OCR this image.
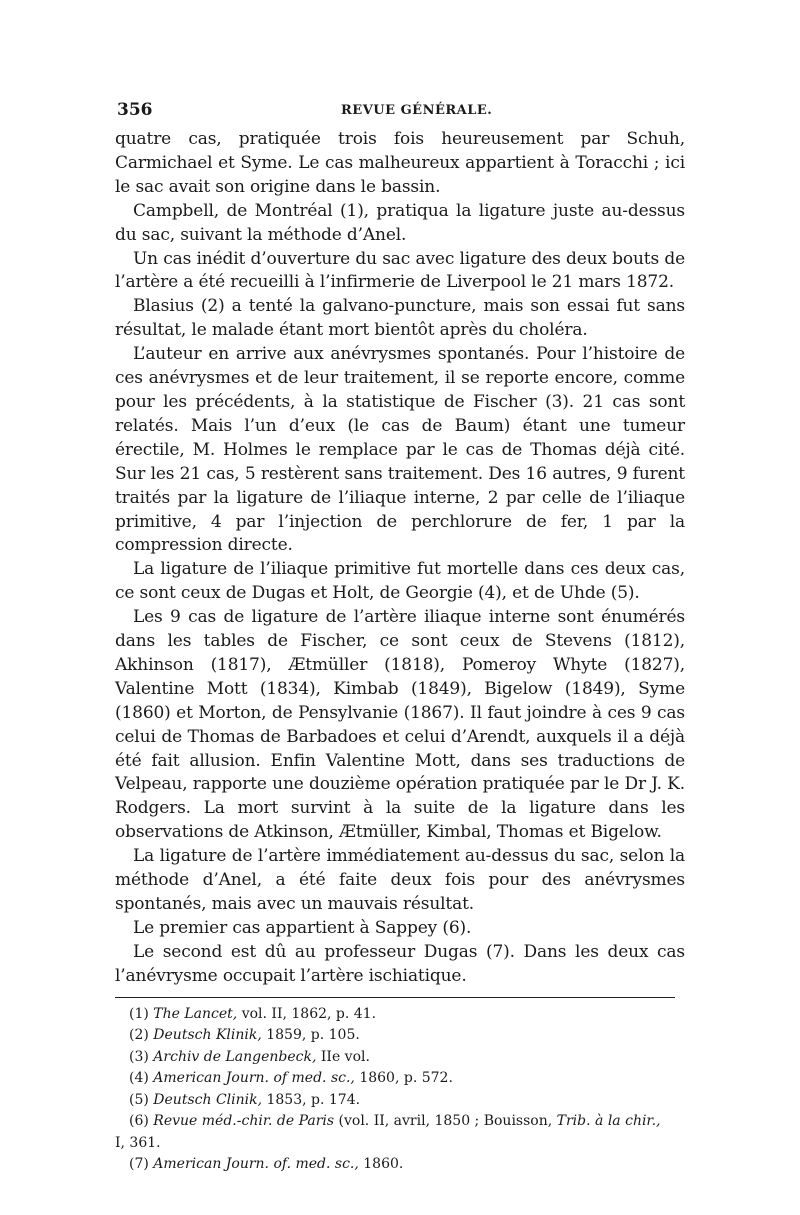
356	REVUE GÉNÉRALE.

quatre cas, pratiquée trois fois heureusement par Schuh, Carmichael et Syme. Le cas malheureux appartient à Toracchi ; ici le sac avait son origine dans le bassin.

Campbell, de Montréal (1), pratiqua la ligature juste au-dessus du sac, suivant la méthode d’Anel.

Un cas inédit d’ouverture du sac avec ligature des deux bouts de l’artère a été recueilli à l’infirmerie de Liverpool le 21 mars 1872.

Blasius (2) a tenté la galvano-puncture, mais son essai fut sans résultat, le malade étant mort bientôt après du choléra.

L’auteur en arrive aux anévrysmes spontanés. Pour l’histoire de ces anévrysmes et de leur traitement, il se reporte encore, comme pour les précédents, à la statistique de Fischer (3). 21 cas sont relatés. Mais l’un d’eux (le cas de Baum) étant une tumeur érectile, M. Holmes le remplace par le cas de Thomas déjà cité. Sur les 21 cas, 5 restèrent sans traitement. Des 16 autres, 9 furent traités par la ligature de l’iliaque interne, 2 par celle de l’iliaque primitive, 4 par l’injection de perchlorure de fer, 1 par la compression directe.

La ligature de l’iliaque primitive fut mortelle dans ces deux cas, ce sont ceux de Dugas et Holt, de Georgie (4), et de Uhde (5).

Les 9 cas de ligature de l’artère iliaque interne sont énumérés dans les tables de Fischer, ce sont ceux de Stevens (1812), Akhinson (1817), Ætmüller (1818), Pomeroy Whyte (1827), Valentine Mott (1834), Kimbab (1849), Bigelow (1849), Syme (1860) et Morton, de Pensylvanie (1867). Il faut joindre à ces 9 cas celui de Thomas de Barbadoes et celui d’Arendt, auxquels il a déjà été fait allusion. Enfin Valentine Mott, dans ses traductions de Velpeau, rapporte une douzième opération pratiquée par le Dr J. K. Rodgers. La mort survint à la suite de la ligature dans les observations de Atkinson, Ætmüller, Kimbal, Thomas et Bigelow.

La ligature de l’artère immédiatement au-dessus du sac, selon la méthode d’Anel, a été faite deux fois pour des anévrysmes spontanés, mais avec un mauvais résultat.

Le premier cas appartient à Sappey (6).

Le second est dû au professeur Dugas (7). Dans les deux cas l’anévrysme occupait l’artère ischiatique.

(1) The Lancet, vol. II, 1862, p. 41.

(2) Deutsch Klinik, 1859, p. 105.

(3) Archiv de Langenbeck, IIe vol.

(4) American Journ. of med. sc., 1860, p. 572.

(5) Deutsch Clinik, 1853, p. 174.

(6) Revue méd.-chir. de Paris (vol. II, avril, 1850 ; Bouisson, Trib. à la chir.,

I, 361.

(7) American Journ. of. med. sc., 1860.
